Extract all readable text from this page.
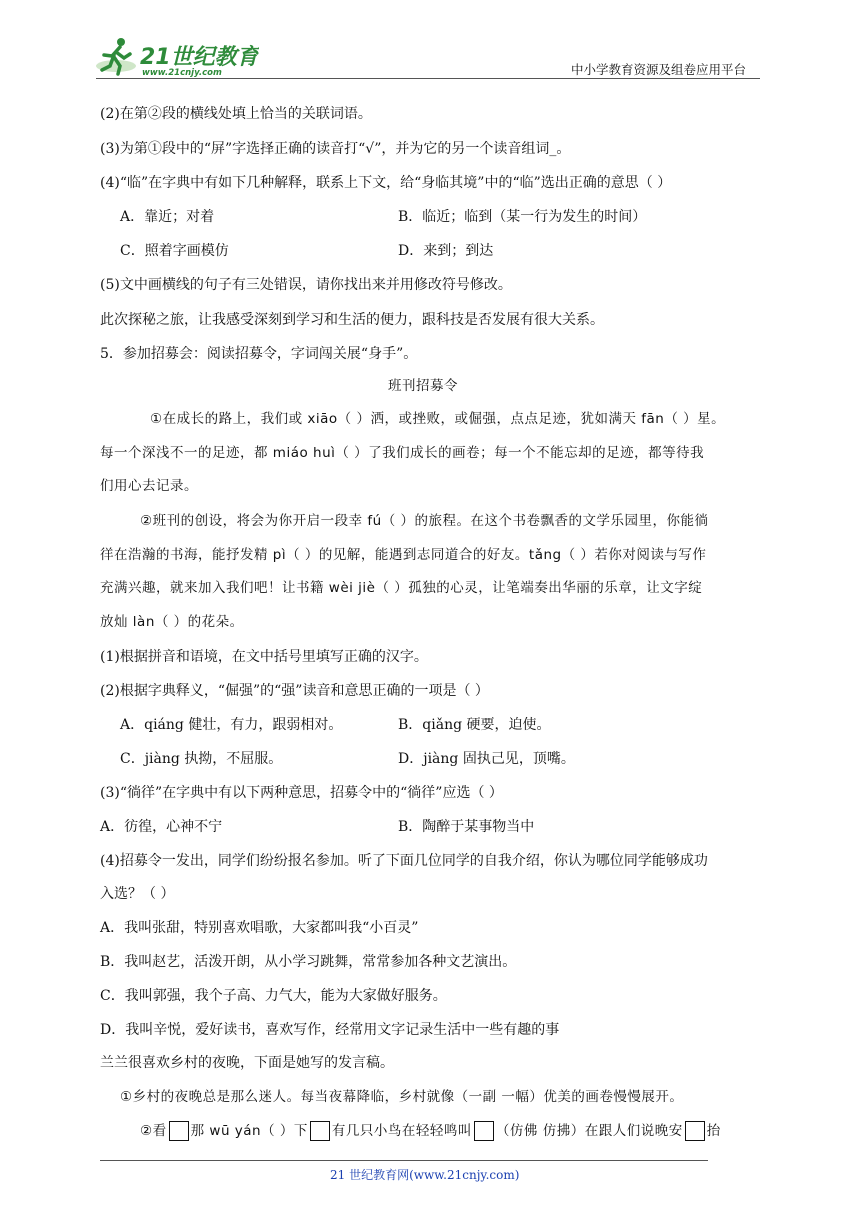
21世纪教育
www.21cnjy.com	中小学教育资源及组卷应用平台
(2)在第②段的横线处填上恰当的关联词语。
(3)为第①段中的“屏”字选择正确的读音打“√”，并为它的另一个读音组词_。
(4)“临”在字典中有如下几种解释，联系上下文，给“身临其境”中的“临”选出正确的意思（ ）
A．靠近；对着	B．临近；临到（某一行为发生的时间）
C．照着字画模仿	D．来到；到达
(5)文中画横线的句子有三处错误，请你找出来并用修改符号修改。
此次探秘之旅，让我感受深刻到学习和生活的便力，跟科技是否发展有很大关系。
5．参加招募会：阅读招募令，字词闯关展“身手”。
班刊招募令
①在成长的路上，我们或 xiāo（ ）洒，或挫败，或倔强，点点足迹，犹如满天 fān（ ）星。
每一个深浅不一的足迹，都 miáo huì（ ）了我们成长的画卷；每一个不能忘却的足迹，都等待我
们用心去记录。
②班刊的创设，将会为你开启一段幸 fú（ ）的旅程。在这个书卷飘香的文学乐园里，你能徜
徉在浩瀚的书海，能抒发精 pì（ ）的见解，能遇到志同道合的好友。tǎng（ ）若你对阅读与写作
充满兴趣，就来加入我们吧！让书籍 wèi jiè（ ）孤独的心灵，让笔端奏出华丽的乐章，让文字绽
放灿 làn（ ）的花朵。
(1)根据拼音和语境，在文中括号里填写正确的汉字。
(2)根据字典释义，“倔强”的“强”读音和意思正确的一项是（ ）
A．qiáng 健壮，有力，跟弱相对。	B．qiǎng 硬要，迫使。
C．jiàng 执拗，不屈服。	D．jiàng 固执己见，顶嘴。
(3)“徜徉”在字典中有以下两种意思，招募令中的“徜徉”应选（ ）
A．彷徨，心神不宁	B．陶醉于某事物当中
(4)招募令一发出，同学们纷纷报名参加。听了下面几位同学的自我介绍，你认为哪位同学能够成功
入选？（ ）
A．我叫张甜，特别喜欢唱歌，大家都叫我“小百灵”
B．我叫赵艺，活泼开朗，从小学习跳舞，常常参加各种文艺演出。
C．我叫郭强，我个子高、力气大，能为大家做好服务。
D．我叫辛悦，爱好读书，喜欢写作，经常用文字记录生活中一些有趣的事
兰兰很喜欢乡村的夜晚，下面是她写的发言稿。
①乡村的夜晚总是那么迷人。每当夜幕降临，乡村就像（一副 一幅）优美的画卷慢慢展开。
②看 那 wū yán（ ）下 有几只小鸟在轻轻鸣叫 （仿佛 仿拂）在跟人们说晚安 抬
21 世纪教育网(www.21cnjy.com)
